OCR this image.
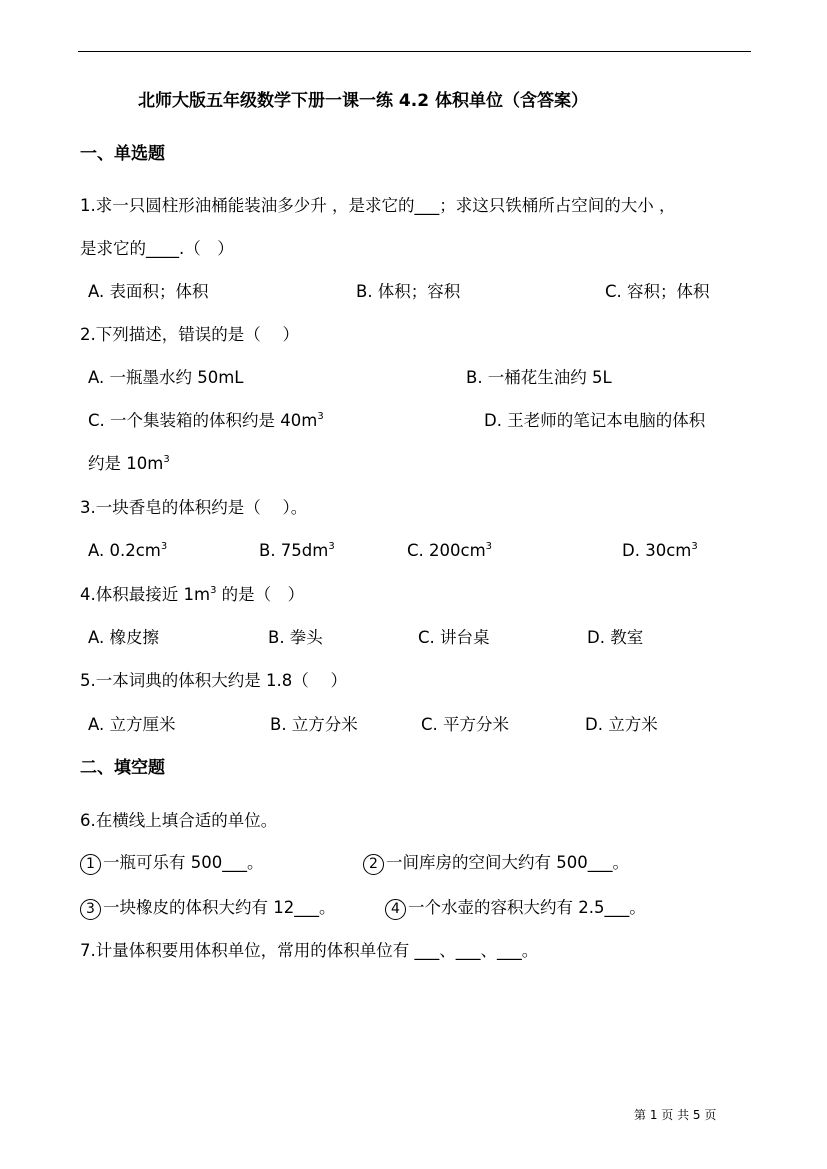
北师大版五年级数学下册一课一练 4.2 体积单位（含答案）
一、单选题
1.求一只圆柱形油桶能装油多少升 ，是求它的___；求这只铁桶所占空间的大小 ，
是求它的____.（　）
A. 表面积；体积	B. 体积；容积	C. 容积；体积
2.下列描述，错误的是（　 ）
A. 一瓶墨水约 50mL	B. 一桶花生油约 5L
C. 一个集装箱的体积约是 $40m^3$	D. 王老师的笔记本电脑的体积
约是 $10m^3$
3.一块香皂的体积约是（　 ）。
A. $0.2cm^3$	B. $75dm^3$	C. $200cm^3$	D. $30cm^3$
4.体积最接近 $1m^3$ 的是（　）
A. 橡皮擦	B. 拳头	C. 讲台桌	D. 教室
5.一本词典的体积大约是 1.8（　 ）
A. 立方厘米	B. 立方分米	C. 平方分米	D. 立方米
二、填空题
6.在横线上填合适的单位。
1 一瓶可乐有 500___。	2 一间库房的空间大约有 500___。
3 一块橡皮的体积大约有 12___。	4 一个水壶的容积大约有 2.5___。
7.计量体积要用体积单位，常用的体积单位有 ___、___、___。
第 1 页 共 5 页
